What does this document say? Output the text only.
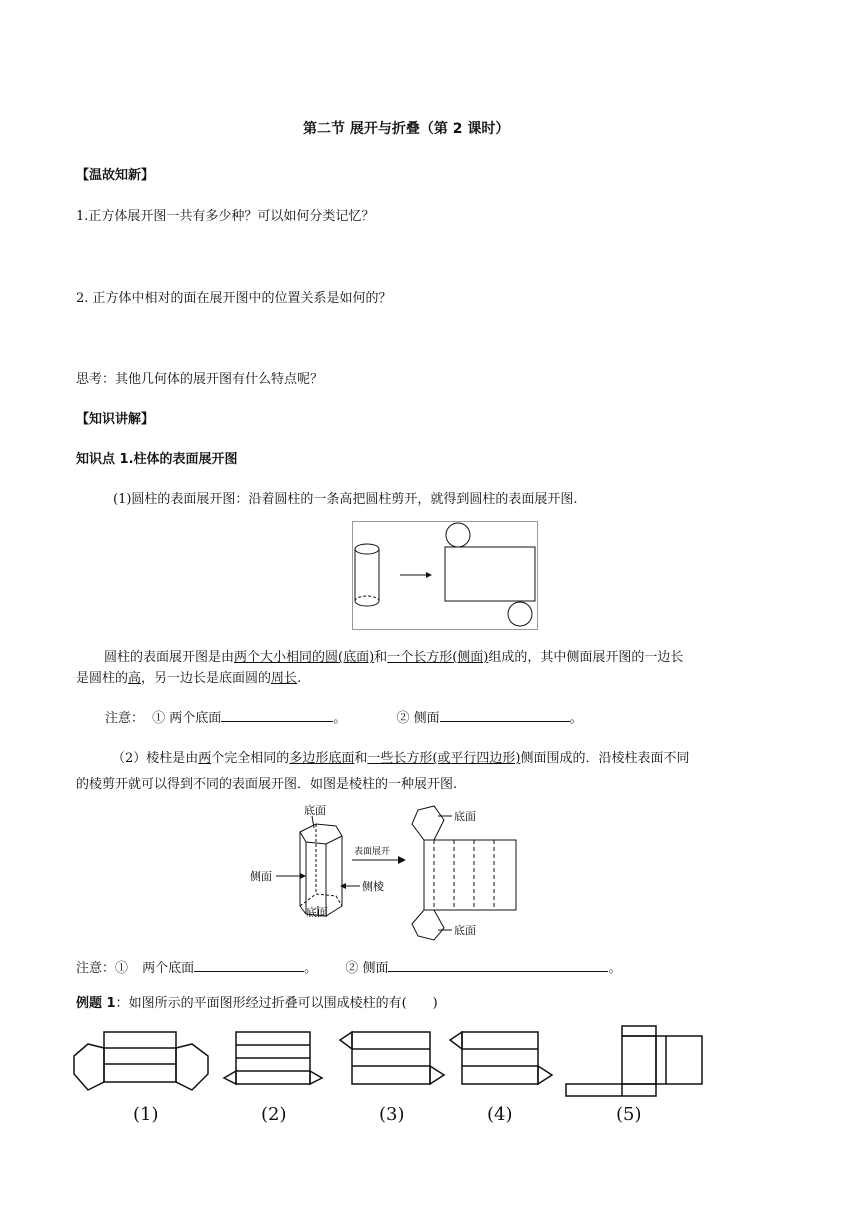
第二节 展开与折叠（第 2 课时）
【温故知新】
1.正方体展开图一共有多少种？可以如何分类记忆？
2. 正方体中相对的面在展开图中的位置关系是如何的？
思考：其他几何体的展开图有什么特点呢？
【知识讲解】
知识点 1.柱体的表面展开图
(1)圆柱的表面展开图：沿着圆柱的一条高把圆柱剪开，就得到圆柱的表面展开图.
圆柱的表面展开图是由两个大小相同的圆(底面)和一个长方形(侧面)组成的，其中侧面展开图的一边长
是圆柱的高，另一边长是底面圆的周长.
注意： ① 两个底面	。	② 侧面	。
（2）棱柱是由两个完全相同的多边形底面和一些长方形(或平行四边形)侧面围成的．沿棱柱表面不同
的棱剪开就可以得到不同的表面展开图．如图是棱柱的一种展开图.
底面
侧面
底面
侧棱
表面展开
底面
底面
注意：① 两个底面	。 ② 侧面	。
例题 1：如图所示的平面图形经过折叠可以围成棱柱的有(　　)
(1)	(2)	(3)	(4)	(5)
